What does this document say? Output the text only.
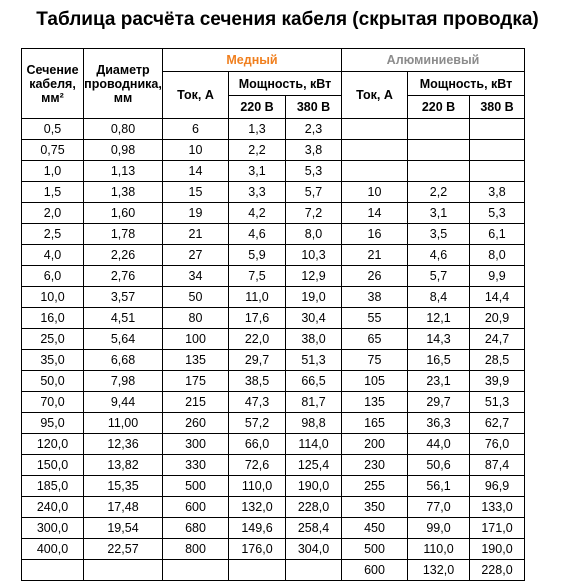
Таблица расчёта сечения кабеля (скрытая проводка)
Сечение кабеля, мм²	Диаметр проводника, мм	Медный			Алюминиевый		
		Ток, А	Мощность, кВт		Ток, А	Мощность, кВт	
			220 В	380 В		220 В	380 В
0,5	0,80	6	1,3	2,3			
0,75	0,98	10	2,2	3,8			
1,0	1,13	14	3,1	5,3			
1,5	1,38	15	3,3	5,7	10	2,2	3,8
2,0	1,60	19	4,2	7,2	14	3,1	5,3
2,5	1,78	21	4,6	8,0	16	3,5	6,1
4,0	2,26	27	5,9	10,3	21	4,6	8,0
6,0	2,76	34	7,5	12,9	26	5,7	9,9
10,0	3,57	50	11,0	19,0	38	8,4	14,4
16,0	4,51	80	17,6	30,4	55	12,1	20,9
25,0	5,64	100	22,0	38,0	65	14,3	24,7
35,0	6,68	135	29,7	51,3	75	16,5	28,5
50,0	7,98	175	38,5	66,5	105	23,1	39,9
70,0	9,44	215	47,3	81,7	135	29,7	51,3
95,0	11,00	260	57,2	98,8	165	36,3	62,7
120,0	12,36	300	66,0	114,0	200	44,0	76,0
150,0	13,82	330	72,6	125,4	230	50,6	87,4
185,0	15,35	500	110,0	190,0	255	56,1	96,9
240,0	17,48	600	132,0	228,0	350	77,0	133,0
300,0	19,54	680	149,6	258,4	450	99,0	171,0
400,0	22,57	800	176,0	304,0	500	110,0	190,0
					600	132,0	228,0
